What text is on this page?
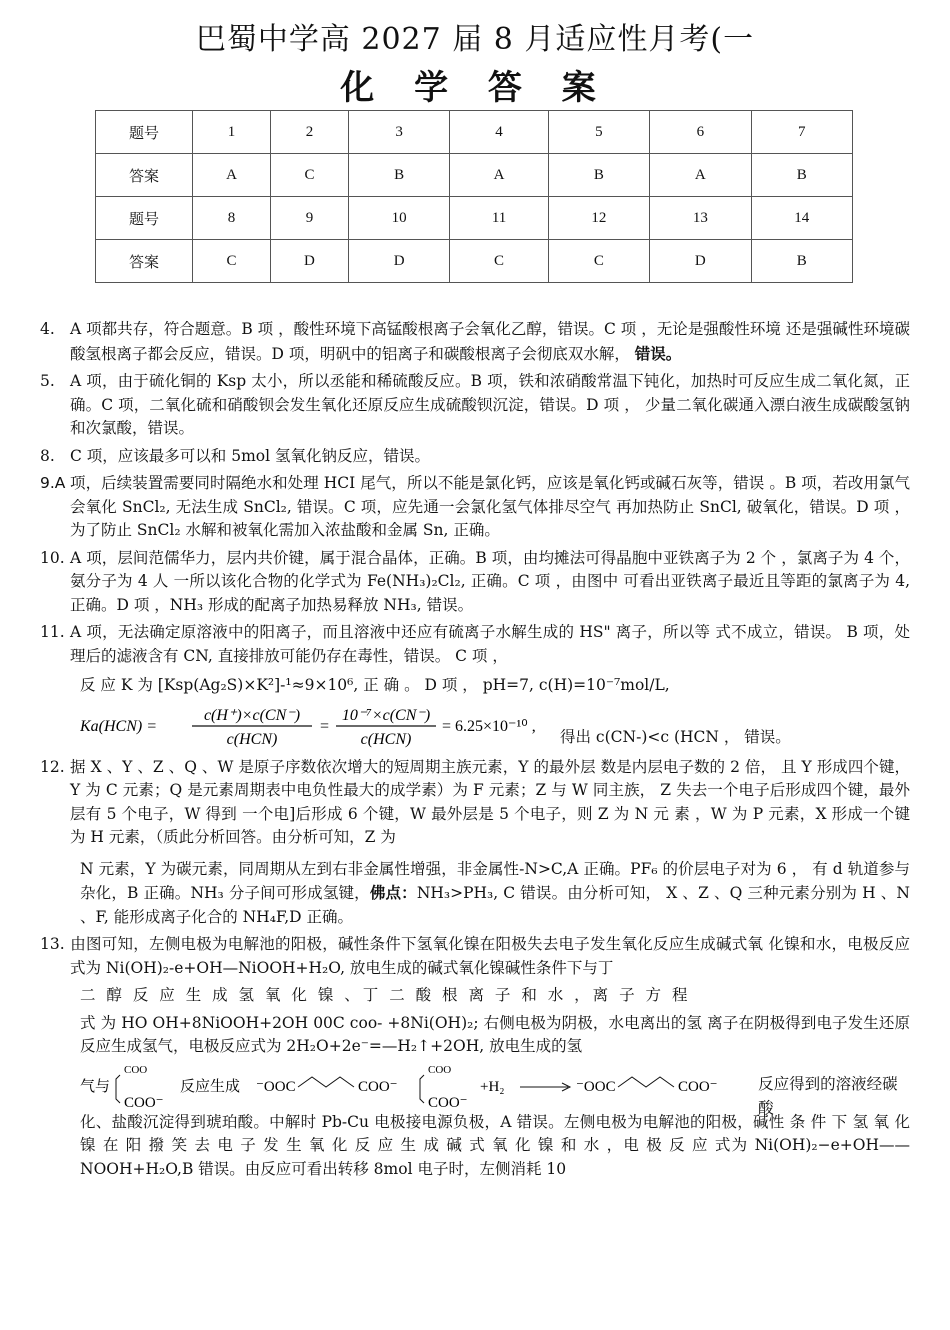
巴蜀中学高 2027 届 8 月适应性月考(一
化 学 答 案
题号	1	2	3	4	5	6	7
答案	A	C	B	A	B	A	B
题号	8	9	10	11	12	13	14
答案	C	D	D	C	C	D	B

4. A 项都共存，符合题意。B 项 ，酸性环境下高锰酸根离子会氧化乙醇，错误。C 项 ，无论是强酸性环境 还是强碱性环境碳酸氢根离子都会反应，错误。D 项，明矾中的铝离子和碳酸根离子会彻底双水解， 错误。

5. A 项，由于硫化铜的 Ksp 太小，所以丞能和稀硫酸反应。B 项，铁和浓硝酸常温下钝化，加热时可反应生成二氧化氮，正确。C 项，二氧化硫和硝酸钡会发生氧化还原反应生成硫酸钡沉淀，错误。D 项 ， 少量二氧化碳通入漂白液生成碳酸氢钠和次氯酸，错误。

8. C 项，应该最多可以和 5mol 氢氧化钠反应，错误。

9.A 项，后续装置需要同时隔绝水和处理 HCI 尾气，所以不能是氯化钙，应该是氧化钙或碱石灰等，错误 。B 项，若改用氯气会氧化 SnCl₂, 无法生成 SnCl₂, 错误。C 项，应先通一会氯化氢气体排尽空气 再加热防止 SnCl, 破氧化，错误。D 项 ，为了防止 SnCl₂ 水解和被氧化需加入浓盐酸和金属 Sn, 正确。

10. A 项，层间范儒华力，层内共价键，属于混合晶体，正确。B 项，由均摊法可得晶胞中亚铁离子为 2 个 ，氯离子为 4 个，氨分子为 4 人 一所以该化合物的化学式为 Fe(NH₃)₂Cl₂, 正确。C 项 ，由图中 可看出亚铁离子最近且等距的氯离子为 4, 正确。D 项 ，NH₃ 形成的配离子加热易释放 NH₃, 错误。

11. A 项，无法确定原溶液中的阳离子，而且溶液中还应有硫离子水解生成的 HS" 离子，所以等 式不成立，错误。 B 项，处理后的滤液含有 CN, 直接排放可能仍存在毒性，错误。 C 项 ，

反 应 K 为 [Ksp(Ag₂S)×K²]-¹≈9×10⁶, 正 确 。 D 项 ， pH=7, c(H)=10⁻⁷mol/L,

Ka(HCN) =
c(H⁺)×c(CN⁻)
c(HCN)
=
10⁻⁷×c(CN⁻)
c(HCN)
= 6.25×10⁻¹⁰ ,
得出 c(CN-)<c (HCN ， 错误。

12. 据 X 、Y 、Z 、Q 、W 是原子序数依次增大的短周期主族元素，Y 的最外层 数是内层电子数的 2 倍， 且 Y 形成四个键，Y 为 C 元素；Q 是元素周期表中电负性最大的成学素）为 F 元素；Z 与 W 同主族， Z 失去一个电子后形成四个键，最外层有 5 个电子，W 得到 一个电]后形成 6 个键，W 最外层是 5 个电子，则 Z 为 N 元 素 ，W 为 P 元素，X 形成一个键为 H 元素，（质此分析回答。由分析可知，Z 为

N 元素，Y 为碳元素，同周期从左到右非金属性增强，非金属性-N>C,A 正确。PF₆ 的价层电子对为 6 ， 有 d 轨道参与杂化，B 正确。NH₃ 分子间可形成氢键，佛点：NH₃>PH₃, C 错误。由分析可知， X 、Z 、Q 三种元素分别为 H 、N 、F, 能形成离子化合的 NH₄F,D 正确。

13. 由图可知，左侧电极为电解池的阳极，碱性条件下氢氧化镍在阳极失去电子发生氧化反应生成碱式氧 化镍和水，电极反应式为 Ni(OH)₂-e+OH—NiOOH+H₂O, 放电生成的碱式氧化镍碱性条件下与丁

二 醇 反 应 生 成 氢 氧 化 镍 、丁 二 酸 根 离 子 和 水 ，离 子 方 程

式 为 HO OH+8NiOOH+2OH 00C coo- +8Ni(OH)₂; 右侧电极为阴极，水电离出的氢 离子在阴极得到电子发生还原反应生成氢气，电极反应式为 2H₂O+2e⁻=—H₂↑+2OH, 放电生成的氢

气与
COO
COO⁻
反应生成 ⁻OOC	COO⁻
COO
COO⁻
+H₂	⁻OOC	COO⁻	反应得到的溶液经碳酸

化、盐酸沉淀得到琥珀酸。中解时 Pb-Cu 电极接电源负极，A 错误。左侧电极为电解池的阳极，碱性 条 件 下 氢 氧 化 镍 在 阳 撥 笑 去 电 子 发 生 氧 化 反 应 生 成 碱 式 氧 化 镍 和 水 ，电 极 反 应 式为 Ni(OH)₂−e+OH——NOOH+H₂O,B 错误。由反应可看出转移 8mol 电子时，左侧消耗 10
